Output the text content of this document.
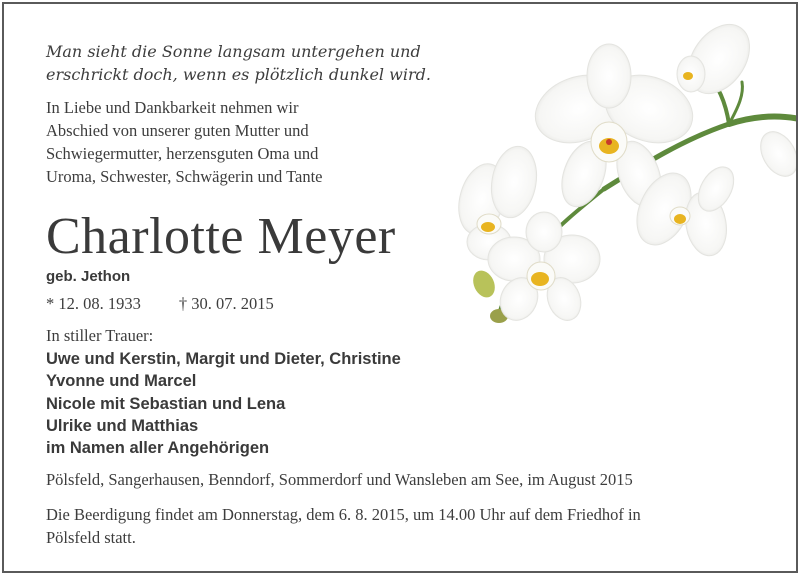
Man sieht die Sonne langsam untergehen und
erschrickt doch, wenn es plötzlich dunkel wird.
In Liebe und Dankbarkeit nehmen wir
Abschied von unserer guten Mutter und
Schwiegermutter, herzensguten Oma und
Uroma, Schwester, Schwägerin und Tante
Charlotte Meyer
geb. Jethon
* 12. 08. 1933 † 30. 07. 2015
In stiller Trauer:
Uwe und Kerstin, Margit und Dieter, Christine
Yvonne und Marcel
Nicole mit Sebastian und Lena
Ulrike und Matthias
im Namen aller Angehörigen
Pölsfeld, Sangerhausen, Benndorf, Sommerdorf und Wansleben am See, im August 2015
Die Beerdigung findet am Donnerstag, dem 6. 8. 2015, um 14.00 Uhr auf dem Friedhof in
Pölsfeld statt.
